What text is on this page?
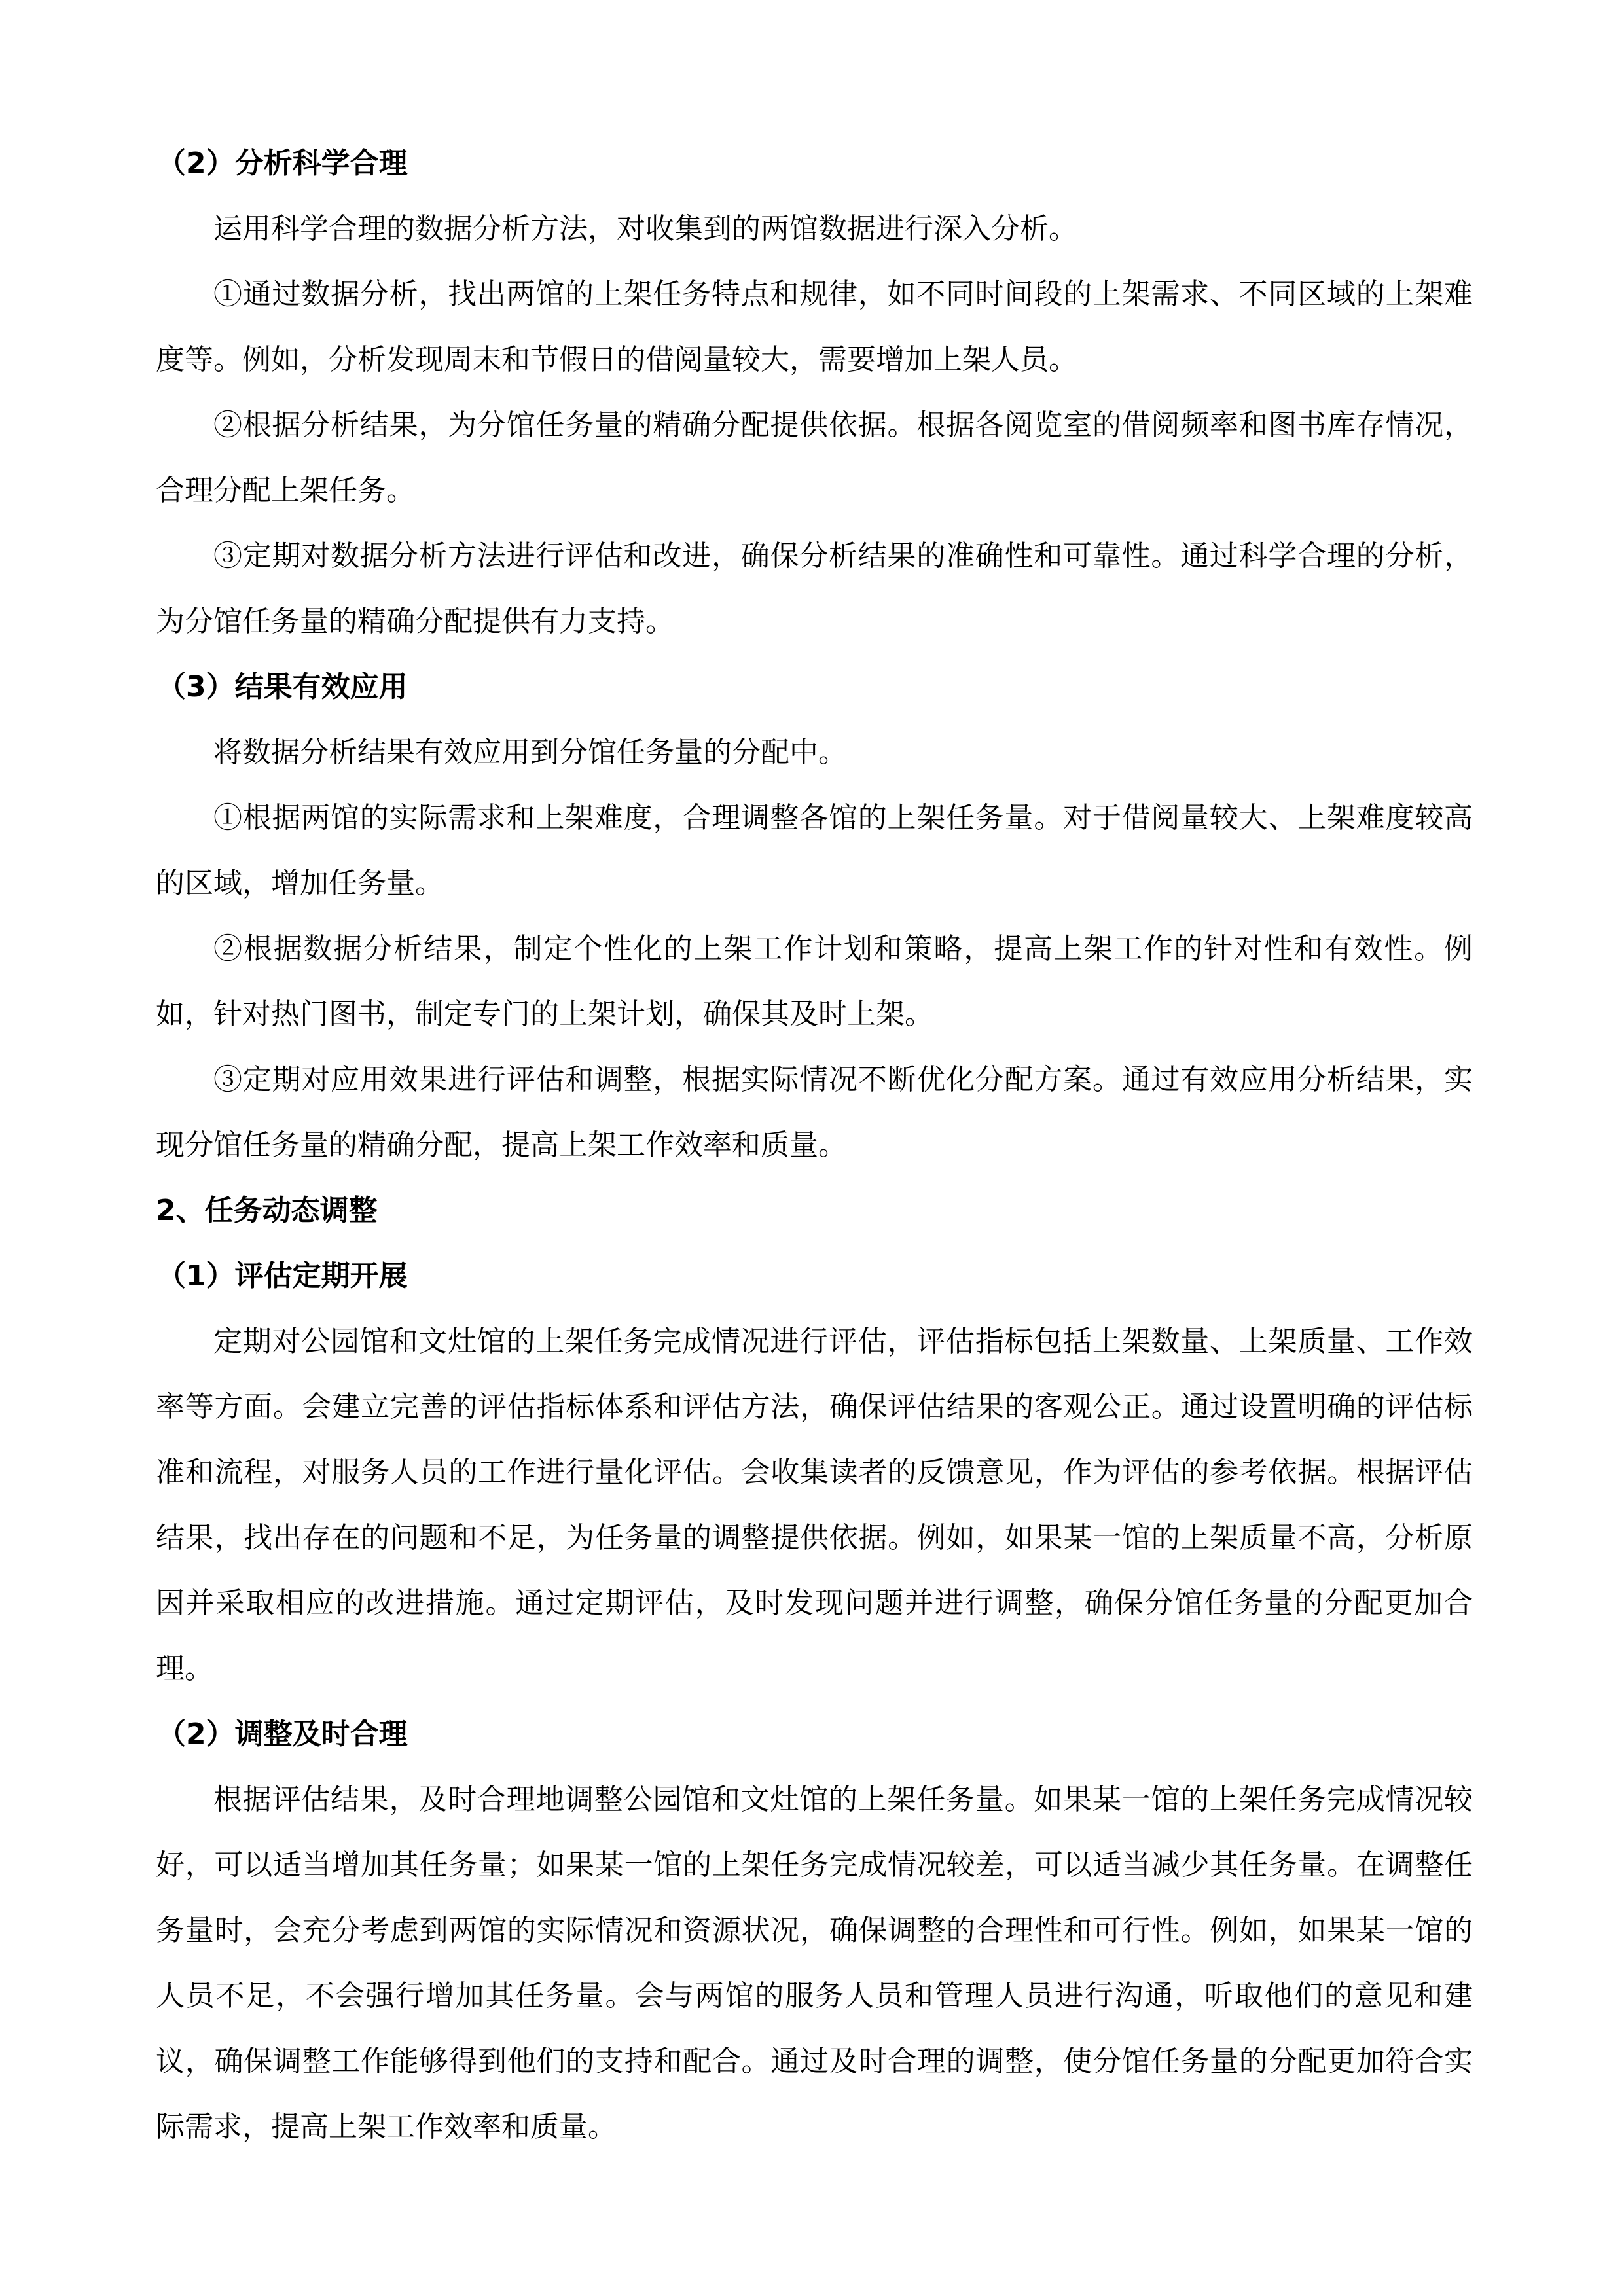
（2）分析科学合理

运用科学合理的数据分析方法，对收集到的两馆数据进行深入分析。

①通过数据分析，找出两馆的上架任务特点和规律，如不同时间段的上架需求、不同区域的上架难度等。例如，分析发现周末和节假日的借阅量较大，需要增加上架人员。

②根据分析结果，为分馆任务量的精确分配提供依据。根据各阅览室的借阅频率和图书库存情况，合理分配上架任务。

③定期对数据分析方法进行评估和改进，确保分析结果的准确性和可靠性。通过科学合理的分析，为分馆任务量的精确分配提供有力支持。

（3）结果有效应用

将数据分析结果有效应用到分馆任务量的分配中。

①根据两馆的实际需求和上架难度，合理调整各馆的上架任务量。对于借阅量较大、上架难度较高的区域，增加任务量。

②根据数据分析结果，制定个性化的上架工作计划和策略，提高上架工作的针对性和有效性。例如，针对热门图书，制定专门的上架计划，确保其及时上架。

③定期对应用效果进行评估和调整，根据实际情况不断优化分配方案。通过有效应用分析结果，实现分馆任务量的精确分配，提高上架工作效率和质量。

2、任务动态调整

（1）评估定期开展

定期对公园馆和文灶馆的上架任务完成情况进行评估，评估指标包括上架数量、上架质量、工作效率等方面。会建立完善的评估指标体系和评估方法，确保评估结果的客观公正。通过设置明确的评估标准和流程，对服务人员的工作进行量化评估。会收集读者的反馈意见，作为评估的参考依据。根据评估结果，找出存在的问题和不足，为任务量的调整提供依据。例如，如果某一馆的上架质量不高，分析原因并采取相应的改进措施。通过定期评估，及时发现问题并进行调整，确保分馆任务量的分配更加合理。

（2）调整及时合理

根据评估结果，及时合理地调整公园馆和文灶馆的上架任务量。如果某一馆的上架任务完成情况较好，可以适当增加其任务量；如果某一馆的上架任务完成情况较差，可以适当减少其任务量。在调整任务量时，会充分考虑到两馆的实际情况和资源状况，确保调整的合理性和可行性。例如，如果某一馆的人员不足，不会强行增加其任务量。会与两馆的服务人员和管理人员进行沟通，听取他们的意见和建议，确保调整工作能够得到他们的支持和配合。通过及时合理的调整，使分馆任务量的分配更加符合实际需求，提高上架工作效率和质量。
